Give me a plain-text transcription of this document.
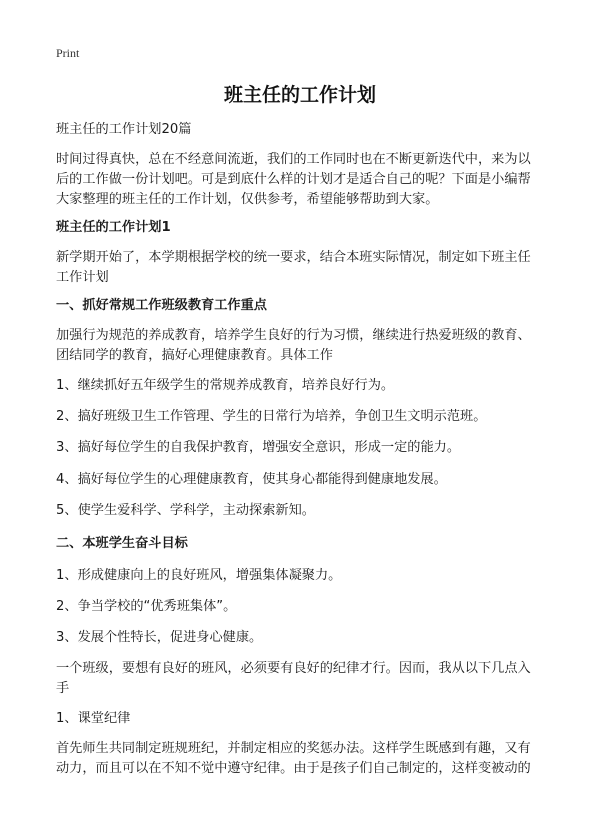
Print
班主任的工作计划
班主任的工作计划20篇
时间过得真快，总在不经意间流逝，我们的工作同时也在不断更新迭代中，来为以
后的工作做一份计划吧。可是到底什么样的计划才是适合自己的呢？下面是小编帮
大家整理的班主任的工作计划，仅供参考，希望能够帮助到大家。
班主任的工作计划1
新学期开始了，本学期根据学校的统一要求，结合本班实际情况，制定如下班主任
工作计划
一、抓好常规工作班级教育工作重点
加强行为规范的养成教育，培养学生良好的行为习惯，继续进行热爱班级的教育、
团结同学的教育，搞好心理健康教育。具体工作
1、继续抓好五年级学生的常规养成教育，培养良好行为。
2、搞好班级卫生工作管理、学生的日常行为培养，争创卫生文明示范班。
3、搞好每位学生的自我保护教育，增强安全意识，形成一定的能力。
4、搞好每位学生的心理健康教育，使其身心都能得到健康地发展。
5、使学生爱科学、学科学，主动探索新知。
二、本班学生奋斗目标
1、形成健康向上的良好班风，增强集体凝聚力。
2、争当学校的“优秀班集体”。
3、发展个性特长，促进身心健康。
一个班级，要想有良好的班风，必须要有良好的纪律才行。因而，我从以下几点入
手
1、课堂纪律
首先师生共同制定班规班纪，并制定相应的奖惩办法。这样学生既感到有趣，又有
动力，而且可以在不知不觉中遵守纪律。由于是孩子们自己制定的，这样变被动的
